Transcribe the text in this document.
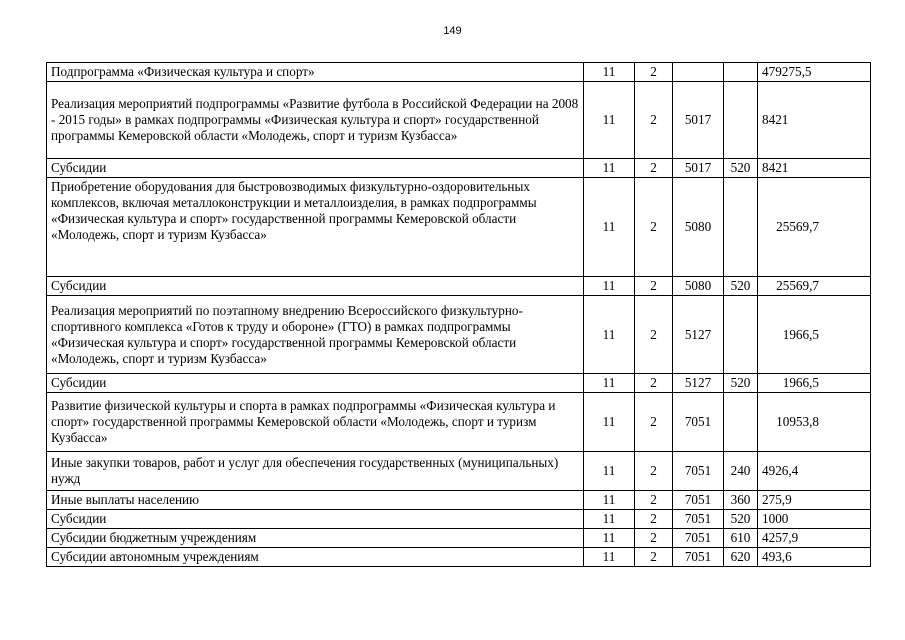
149
Подпрограмма «Физическая культура и спорт»	11	2			479275,5
Реализация мероприятий подпрограммы «Развитие футбола в Российской Федерации на 2008 - 2015 годы» в рамках подпрограммы «Физическая культура и спорт» государственной программы Кемеровской области «Молодежь, спорт и туризм Кузбасса»	11	2	5017		8421
Субсидии	11	2	5017	520	8421
Приобретение оборудования для быстровозводимых физкультурно-оздоровительных комплексов, включая металлоконструкции и металлоизделия, в рамках подпрограммы «Физическая культура и спорт» государственной программы Кемеровской области «Молодежь, спорт и туризм Кузбасса»	11	2	5080		25569,7
Субсидии	11	2	5080	520	25569,7
Реализация мероприятий по поэтапному внедрению Всероссийского физкультурно-спортивного комплекса «Готов к труду и обороне» (ГТО) в рамках подпрограммы «Физическая культура и спорт» государственной программы Кемеровской области «Молодежь, спорт и туризм Кузбасса»	11	2	5127		1966,5
Субсидии	11	2	5127	520	1966,5
Развитие физической культуры и спорта в рамках подпрограммы «Физическая культура и спорт» государственной программы Кемеровской области «Молодежь, спорт и туризм Кузбасса»	11	2	7051		10953,8
Иные закупки товаров, работ и услуг для обеспечения государственных (муниципальных) нужд	11	2	7051	240	4926,4
Иные выплаты населению	11	2	7051	360	275,9
Субсидии	11	2	7051	520	1000
Субсидии бюджетным учреждениям	11	2	7051	610	4257,9
Субсидии автономным учреждениям	11	2	7051	620	493,6
